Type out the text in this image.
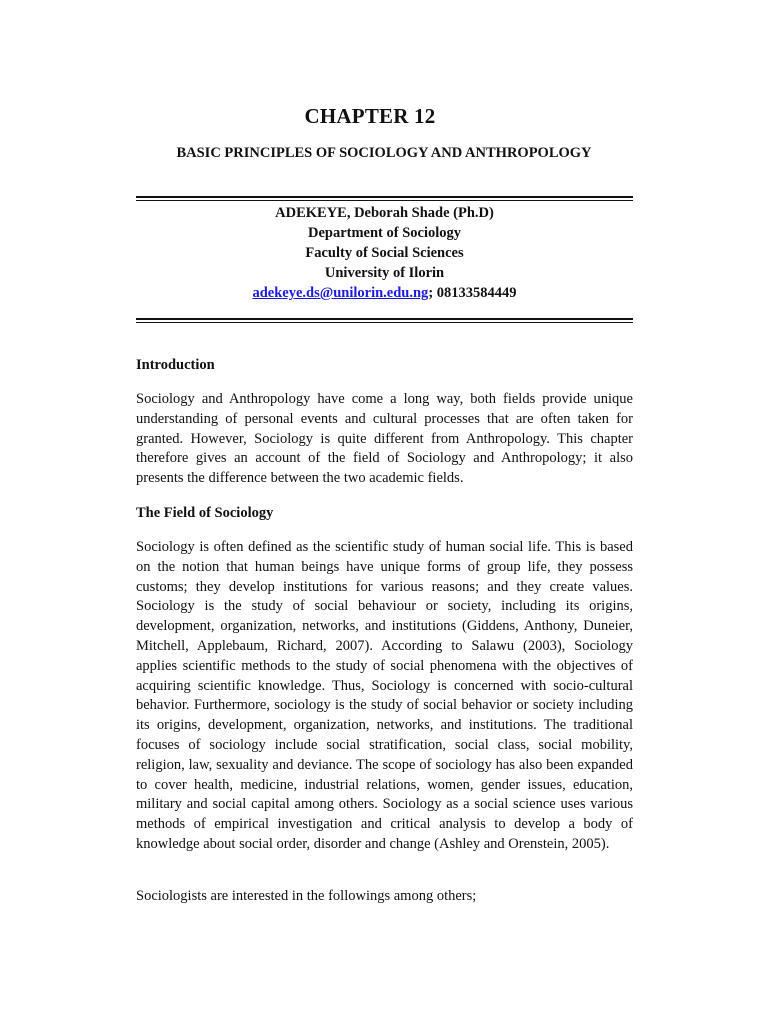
CHAPTER 12
BASIC PRINCIPLES OF SOCIOLOGY AND ANTHROPOLOGY
ADEKEYE, Deborah Shade (Ph.D)
Department of Sociology
Faculty of Social Sciences
University of Ilorin
adekeye.ds@unilorin.edu.ng; 08133584449
Introduction

Sociology and Anthropology have come a long way, both fields provide unique understanding of personal events and cultural processes that are often taken for granted. However, Sociology is quite different from Anthropology. This chapter therefore gives an account of the field of Sociology and Anthropology; it also presents the difference between the two academic fields.

The Field of Sociology

Sociology is often defined as the scientific study of human social life. This is based on the notion that human beings have unique forms of group life, they possess customs; they develop institutions for various reasons; and they create values. Sociology is the study of social behaviour or society, including its origins, development, organization, networks, and institutions (Giddens, Anthony, Duneier, Mitchell, Applebaum, Richard, 2007). According to Salawu (2003), Sociology applies scientific methods to the study of social phenomena with the objectives of acquiring scientific knowledge. Thus, Sociology is concerned with socio-cultural behavior. Furthermore, sociology is the study of social behavior or society including its origins, development, organization, networks, and institutions. The traditional focuses of sociology include social stratification, social class, social mobility, religion, law, sexuality and deviance. The scope of sociology has also been expanded to cover health, medicine, industrial relations, women, gender issues, education, military and social capital among others. Sociology as a social science uses various methods of empirical investigation and critical analysis to develop a body of knowledge about social order, disorder and change (Ashley and Orenstein, 2005).

Sociologists are interested in the followings among others;
